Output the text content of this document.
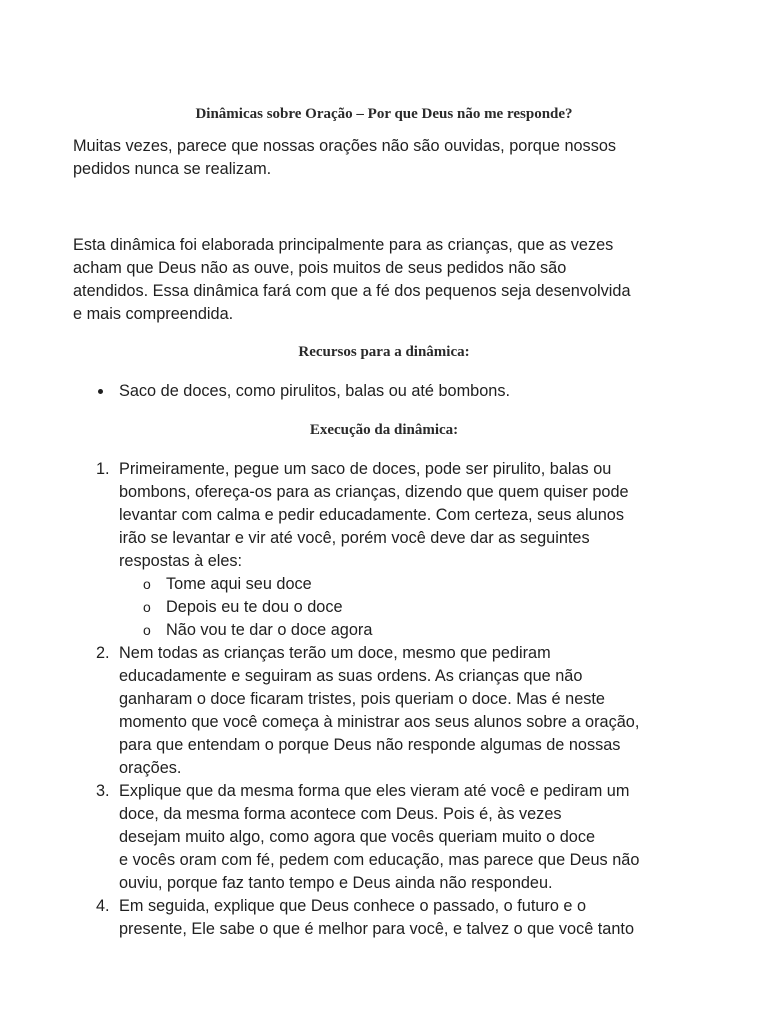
Dinâmicas sobre Oração – Por que Deus não me responde?

Muitas vezes, parece que nossas orações não são ouvidas, porque nossos
pedidos nunca se realizam.

Esta dinâmica foi elaborada principalmente para as crianças, que as vezes
acham que Deus não as ouve, pois muitos de seus pedidos não são
atendidos. Essa dinâmica fará com que a fé dos pequenos seja desenvolvida
e mais compreendida.

Recursos para a dinâmica:
Saco de doces, como pirulitos, balas ou até bombons.
Execução da dinâmica:
1. Primeiramente, pegue um saco de doces, pode ser pirulito, balas ou
bombons, ofereça-os para as crianças, dizendo que quem quiser pode
levantar com calma e pedir educadamente. Com certeza, seus alunos
irão se levantar e vir até você, porém você deve dar as seguintes
respostas à eles:
o Tome aqui seu doce
o Depois eu te dou o doce
o Não vou te dar o doce agora
2. Nem todas as crianças terão um doce, mesmo que pediram
educadamente e seguiram as suas ordens. As crianças que não
ganharam o doce ficaram tristes, pois queriam o doce. Mas é neste
momento que você começa à ministrar aos seus alunos sobre a oração,
para que entendam o porque Deus não responde algumas de nossas
orações.
3. Explique que da mesma forma que eles vieram até você e pediram um
doce, da mesma forma acontece com Deus. Pois é, às vezes
desejam muito algo, como agora que vocês queriam muito o doce
e vocês oram com fé, pedem com educação, mas parece que Deus não
ouviu, porque faz tanto tempo e Deus ainda não respondeu.
4. Em seguida, explique que Deus conhece o passado, o futuro e o
presente, Ele sabe o que é melhor para você, e talvez o que você tanto
